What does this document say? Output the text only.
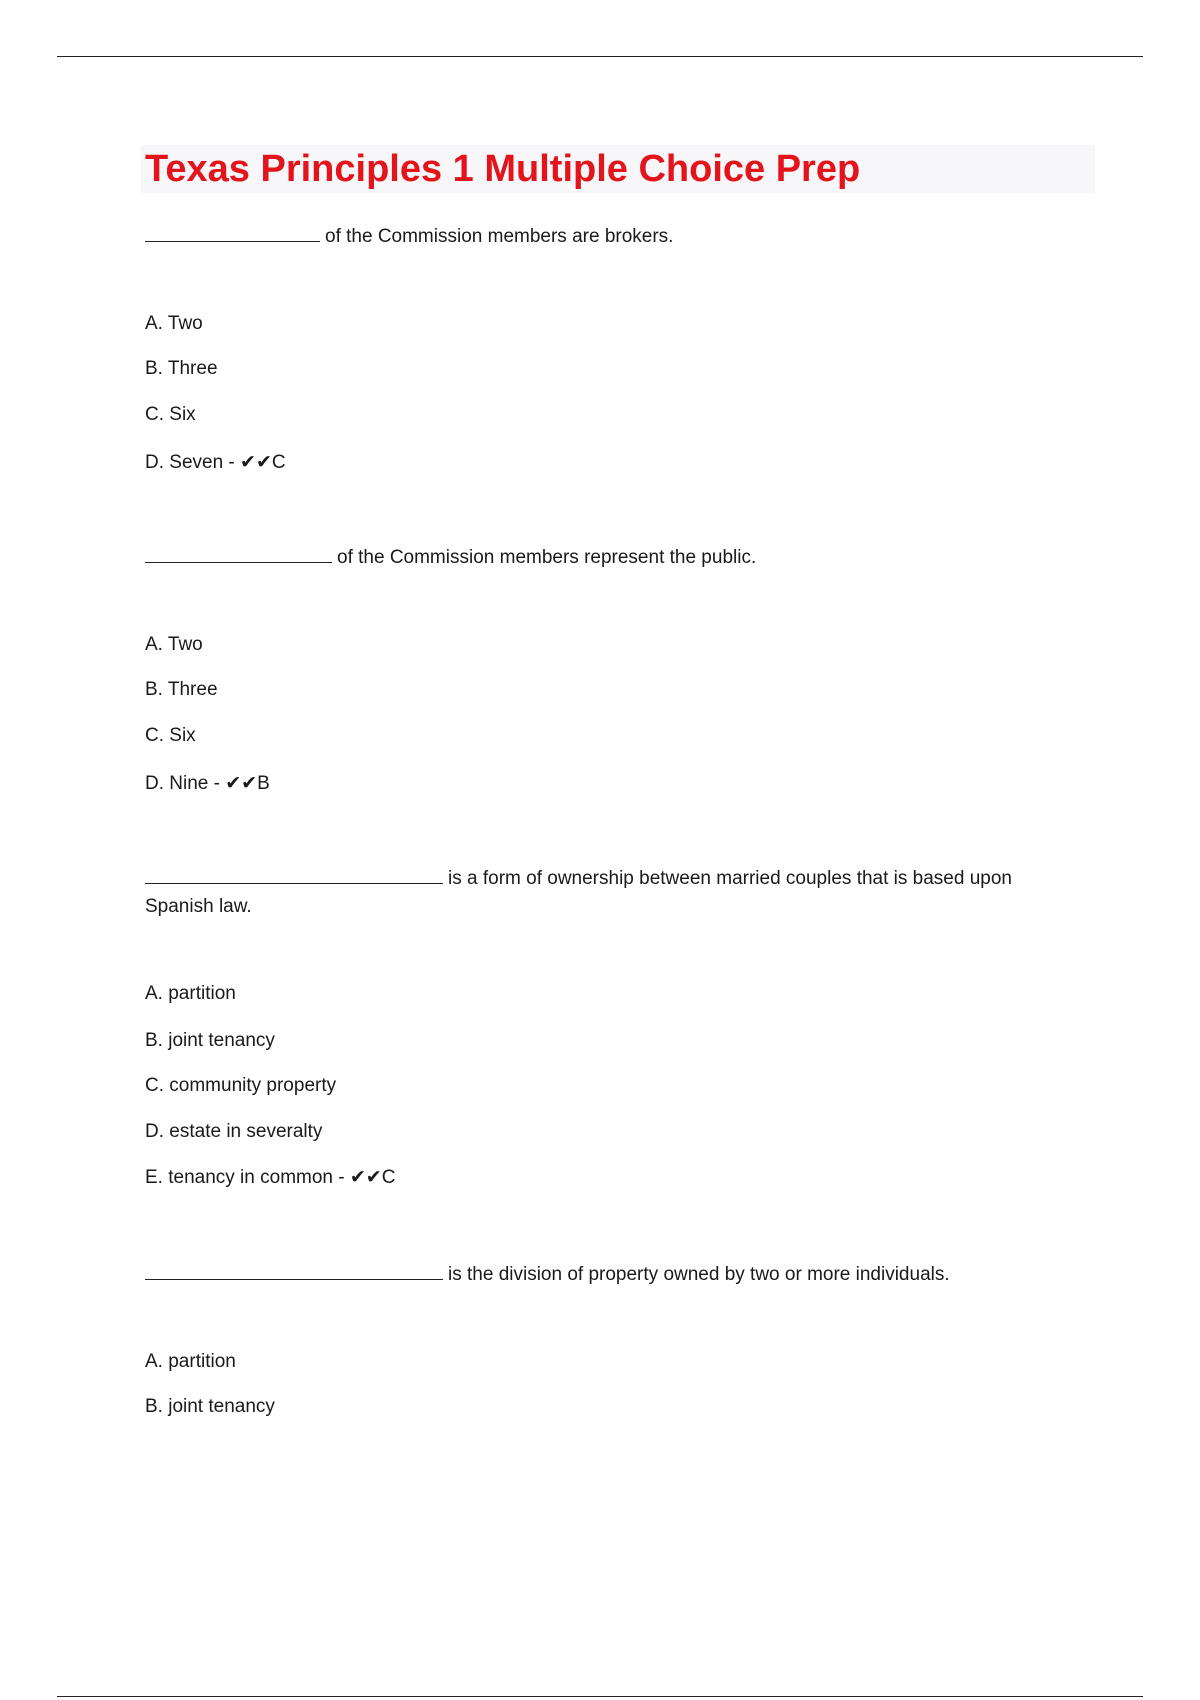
Texas Principles 1 Multiple Choice Prep

of the Commission members are brokers.

A. Two

B. Three

C. Six

D. Seven - ✔✔C

of the Commission members represent the public.

A. Two

B. Three

C. Six

D. Nine - ✔✔B

is a form of ownership between married couples that is based upon

Spanish law.

A. partition

B. joint tenancy

C. community property

D. estate in severalty

E. tenancy in common - ✔✔C

is the division of property owned by two or more individuals.

A. partition

B. joint tenancy
